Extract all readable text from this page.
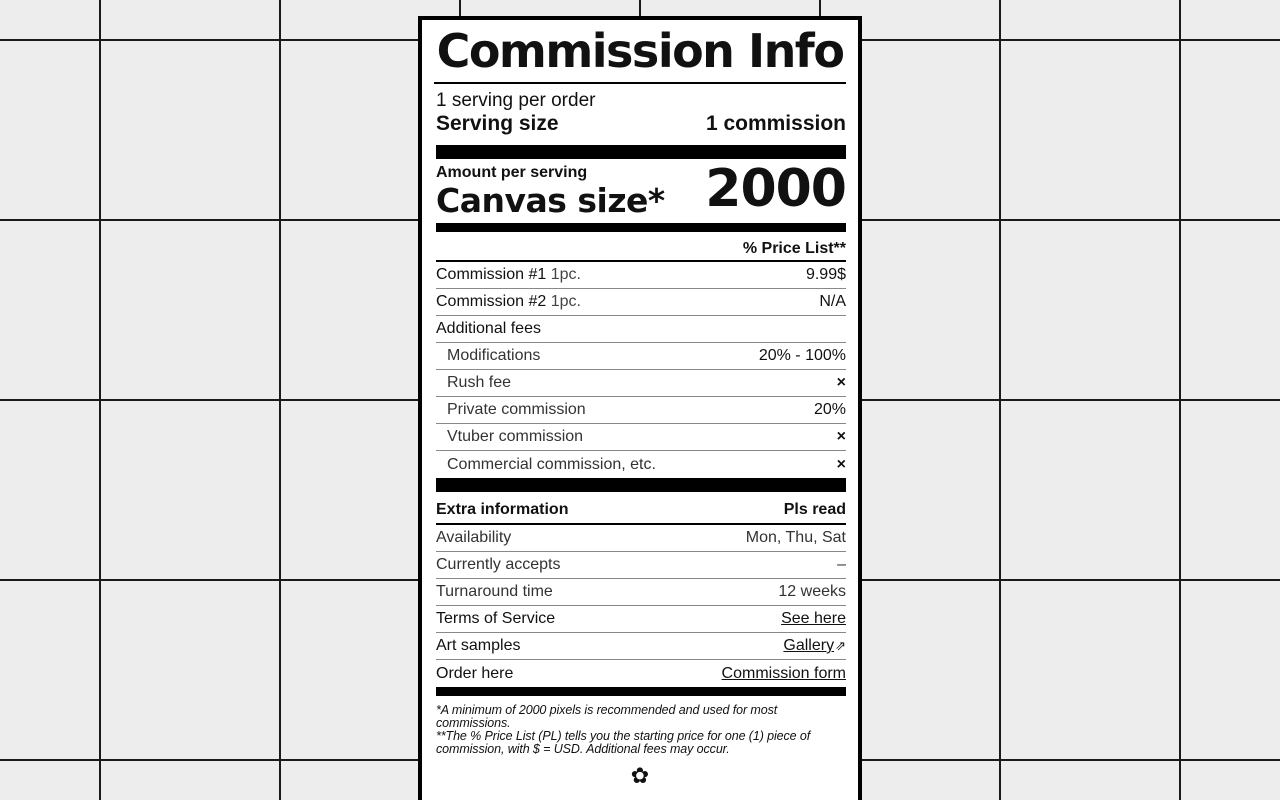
Commission Info
1 serving per order
Serving size	1 commission
Amount per serving
Canvas size* 2000
% Price List**
Commission #1 1pc.	9.99$
Commission #2 1pc.	N/A
Additional fees
Modifications	20% - 100%
Rush fee	×
Private commission	20%
Vtuber commission	×
Commercial commission, etc.	×
Extra information	Pls read
Availability	Mon, Thu, Sat
Currently accepts	–
Turnaround time	12 weeks
Terms of Service	See here
Art samples	Gallery⇗
Order here	Commission form
*A minimum of 2000 pixels is recommended and used for most commissions.
**The % Price List (PL) tells you the starting price for one (1) piece of commission, with $ = USD. Additional fees may occur.
✿
